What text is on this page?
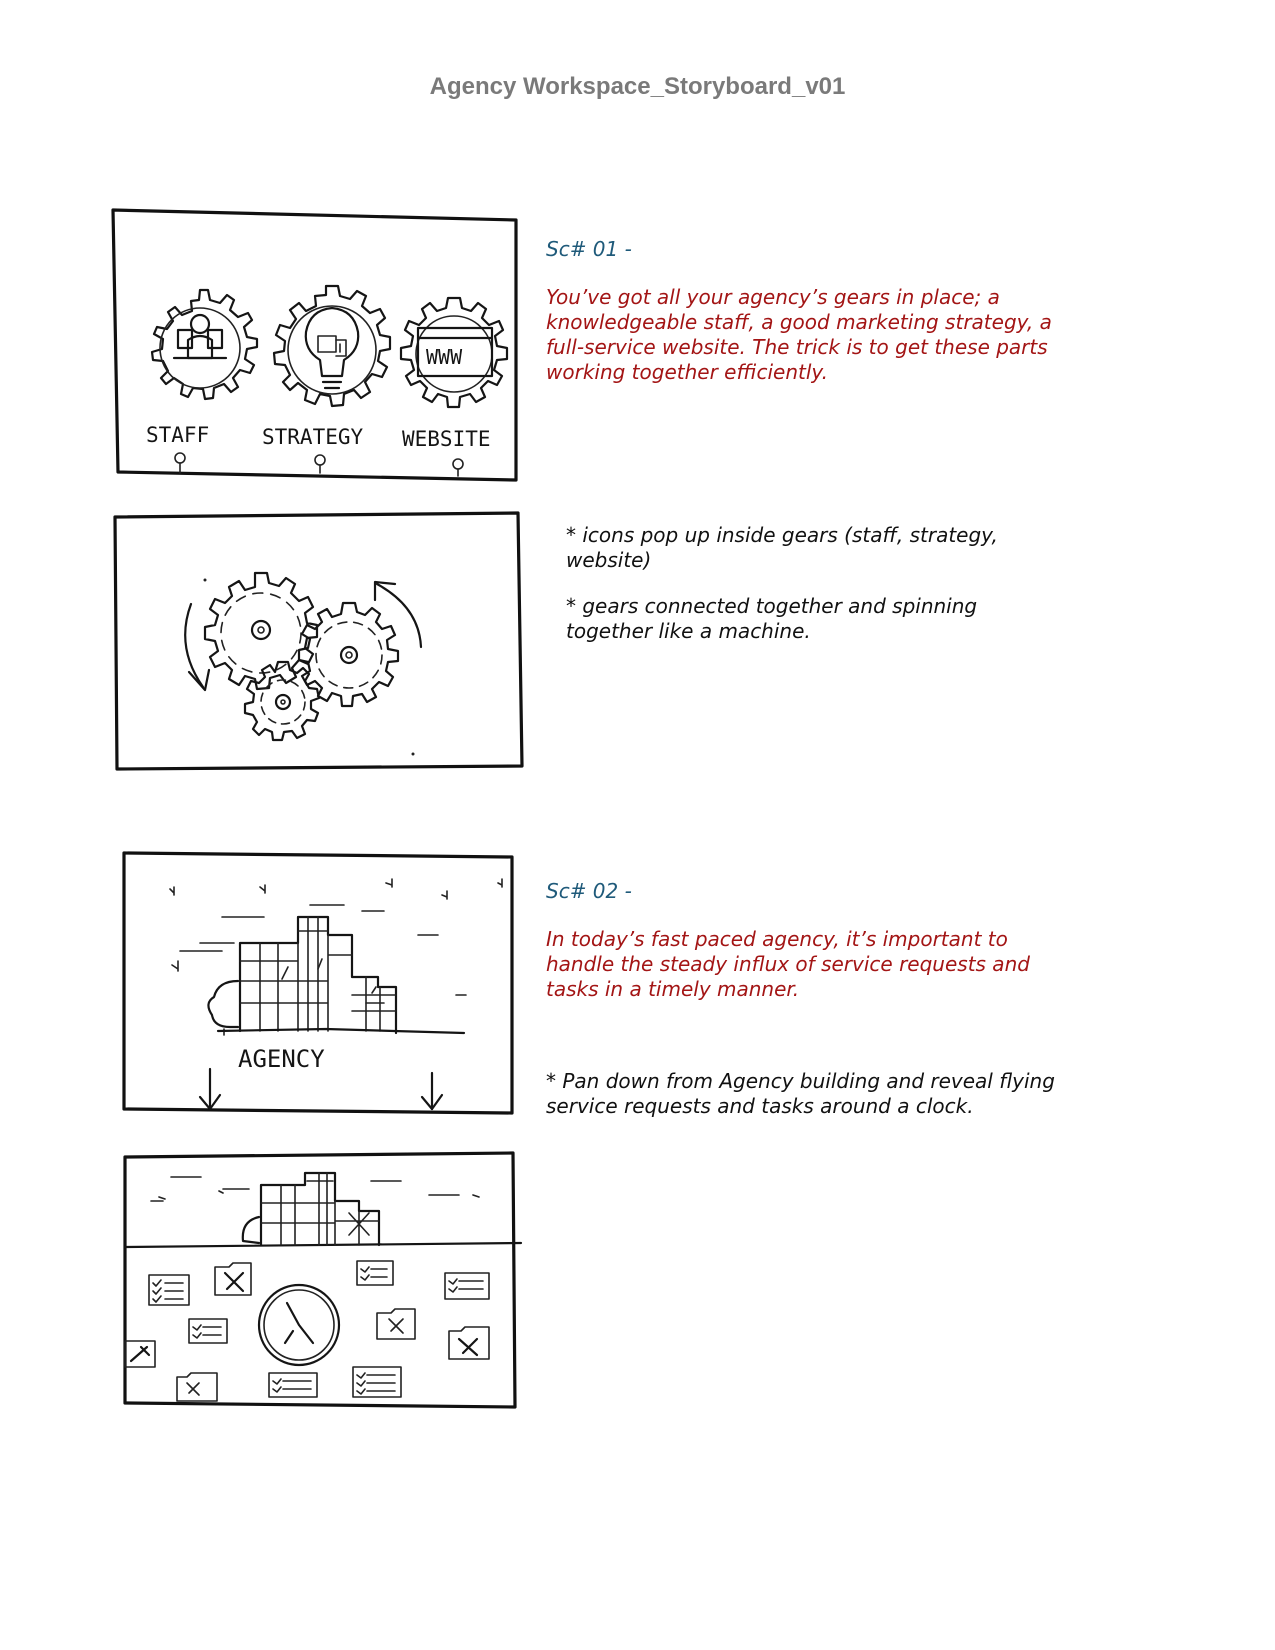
Agency Workspace_Storyboard_v01
WWW
STAFF	STRATEGY WEBSITE
AGENCY
Sc# 01 -
You’ve got all your agency’s gears in place; a knowledgeable staff, a good marketing strategy, a full-service website. The trick is to get these parts working together efficiently.
* icons pop up inside gears (staff, strategy, website)
* gears connected together and spinning together like a machine.
Sc# 02 -
In today’s fast paced agency, it’s important to handle the steady influx of service requests and tasks in a timely manner.
* Pan down from Agency building and reveal flying service requests and tasks around a clock.
